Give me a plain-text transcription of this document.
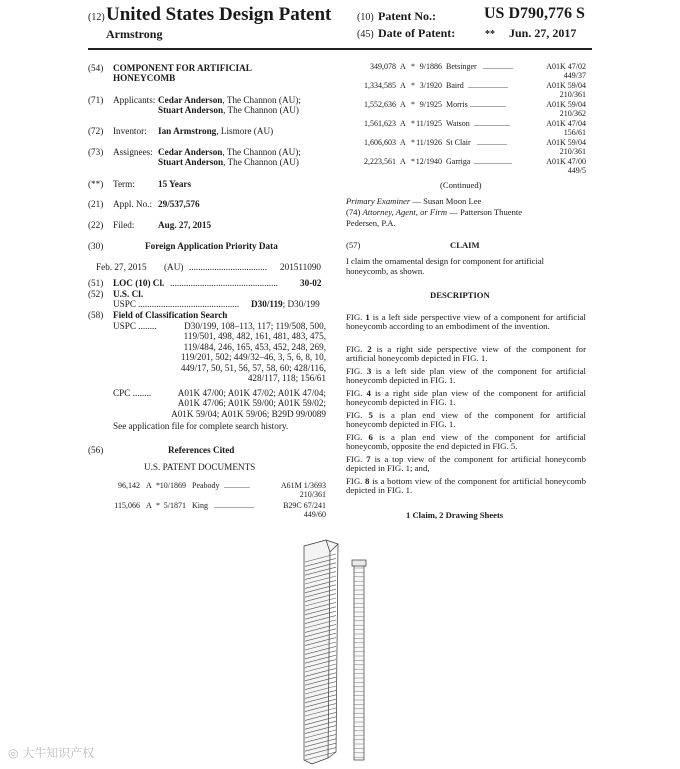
(12) United States Design Patent
Armstrong
(10) Patent No.:	US D790,776 S
(45) Date of Patent:	** Jun. 27, 2017
(54) COMPONENT FOR ARTIFICIAL
HONEYCOMB
(71) Applicants: Cedar Anderson, The Channon (AU);
Stuart Anderson, The Channon (AU)
(72) Inventor: Ian Armstrong, Lismore (AU)
(73) Assignees: Cedar Anderson, The Channon (AU);
Stuart Anderson, The Channon (AU)
(**) Term:	15 Years
(21) Appl. No.: 29/537,576
(22) Filed:	Aug. 27, 2015
(30)	Foreign Application Priority Data
Feb. 27, 2015 (AU) .................................. 201511090
(51) LOC (10) Cl. ............................................... 30-02
(52) U.S. Cl.
USPC ............................................ D30/119; D30/199
(58) Field of Classification Search
USPC ........	D30/199, 108–113, 117; 119/508, 500,
119/501, 498, 482, 161, 481, 483, 475,
119/484, 246, 165, 453, 452, 248, 269,
119/201, 502; 449/32–46, 3, 5, 6, 8, 10,
449/17, 50, 51, 56, 57, 58, 60; 428/116,
428/117, 118; 156/61
CPC ........	A01K 47/00; A01K 47/02; A01K 47/04;
A01K 47/06; A01K 59/00; A01K 59/02;
A01K 59/04; A01K 59/06; B29D 99/0089
See application file for complete search history.
(56)	References Cited
U.S. PATENT DOCUMENTS
96,142 A * 10/1869 Peabody .............	A61M 1/3693
210/361
115,066 A * 5/1871 King ....................	B29C 67/241
449/60
349,078 A * 9/1886 Betsinger ...............	A01K 47/02
449/37
1,334,585 A * 3/1920 Baird ....................	A01K 59/04
210/361
1,552,636 A * 9/1925 Morris ..................	A01K 59/04
210/362
1,561,623 A * 11/1925 Watson ..................	A01K 47/04
156/61
1,606,603 A * 11/1926 St Clair ...............	A01K 59/04
210/361
2,223,561 A * 12/1940 Garriga ...................	A01K 47/00
449/5
(Continued)
Primary Examiner — Susan Moon Lee
(74) Attorney, Agent, or Firm — Patterson Thuente
Pedersen, P.A.
(57)	CLAIM
I claim the ornamental design for component for artificial
honeycomb, as shown.
DESCRIPTION
FIG. 1 is a left side perspective view of a component for artificial honeycomb according to an embodiment of the invention.
FIG. 2 is a right side perspective view of the component for artificial honeycomb depicted in FIG. 1.
FIG. 3 is a left side plan view of the component for artificial honeycomb depicted in FIG. 1.
FIG. 4 is a right side plan view of the component for artificial honeycomb depicted in FIG. 1.
FIG. 5 is a plan end view of the component for artificial honeycomb depicted in FIG. 1.
FIG. 6 is a plan end view of the component for artificial honeycomb, opposite the end depicted in FIG. 5.
FIG. 7 is a top view of the component for artificial honeycomb depicted in FIG. 1; and,
FIG. 8 is a bottom view of the component for artificial honeycomb depicted in FIG. 1.
1 Claim, 2 Drawing Sheets
◎ 大牛知识产权
